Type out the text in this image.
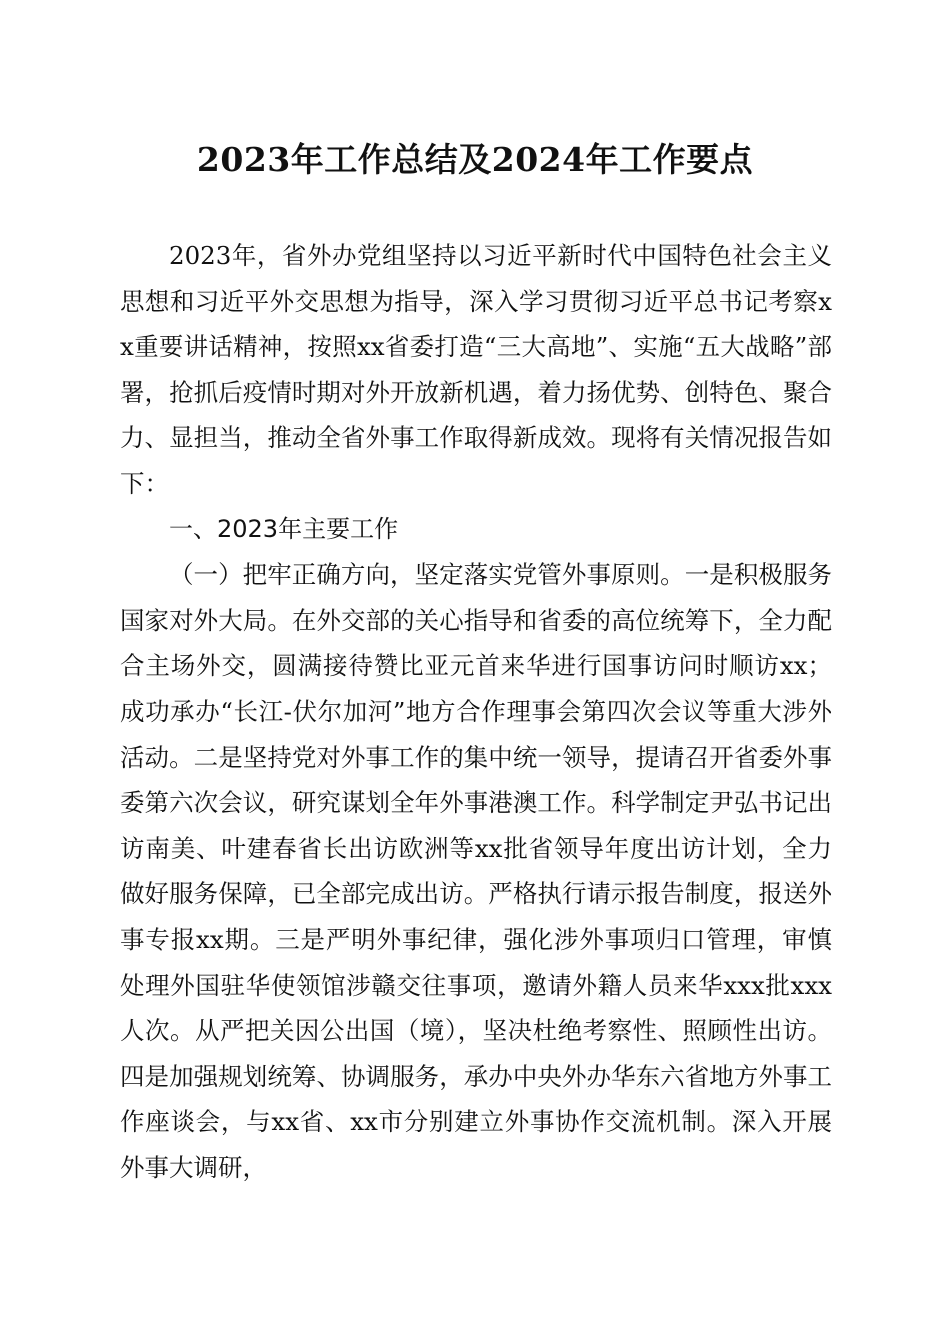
2023年工作总结及2024年工作要点

2023年，省外办党组坚持以习近平新时代中国特色社会主义思想和习近平外交思想为指导，深入学习贯彻习近平总书记考察xx重要讲话精神，按照xx省委打造“三大高地”、实施“五大战略”部署，抢抓后疫情时期对外开放新机遇，着力扬优势、创特色、聚合力、显担当，推动全省外事工作取得新成效。现将有关情况报告如下：

一、2023年主要工作

（一）把牢正确方向，坚定落实党管外事原则。一是积极服务国家对外大局。在外交部的关心指导和省委的高位统筹下，全力配合主场外交，圆满接待赞比亚元首来华进行国事访问时顺访xx；成功承办“长江-伏尔加河”地方合作理事会第四次会议等重大涉外活动。二是坚持党对外事工作的集中统一领导，提请召开省委外事委第六次会议，研究谋划全年外事港澳工作。科学制定尹弘书记出访南美、叶建春省长出访欧洲等xx批省领导年度出访计划，全力做好服务保障，已全部完成出访。严格执行请示报告制度，报送外事专报xx期。三是严明外事纪律，强化涉外事项归口管理，审慎处理外国驻华使领馆涉赣交往事项，邀请外籍人员来华xxx批xxx人次。从严把关因公出国（境），坚决杜绝考察性、照顾性出访。四是加强规划统筹、协调服务，承办中央外办华东六省地方外事工作座谈会，与xx省、xx市分别建立外事协作交流机制。深入开展外事大调研，
